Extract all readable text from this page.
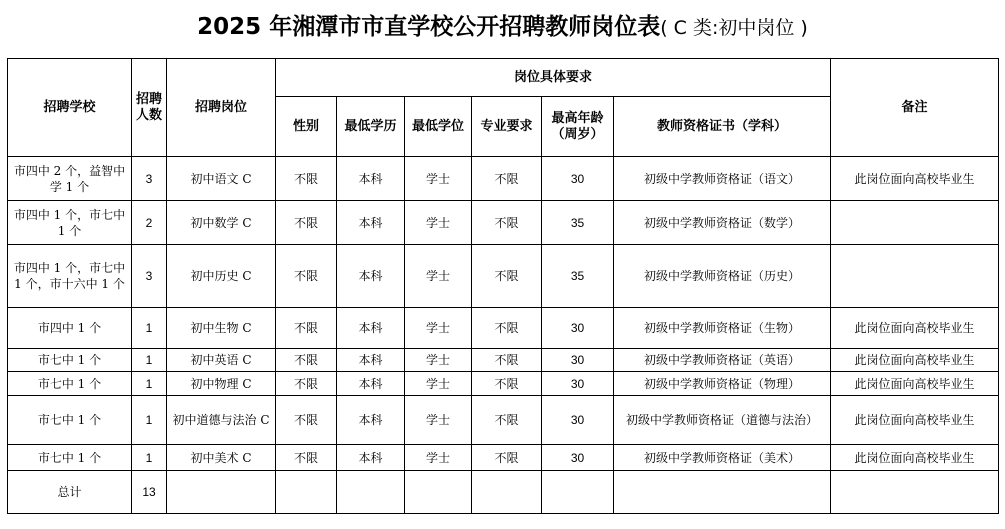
2025 年湘潭市市直学校公开招聘教师岗位表( C 类:初中岗位 )
招聘学校	招聘人数	招聘岗位	岗位具体要求						备注
			性别	最低学历	最低学位	专业要求	最高年龄（周岁）	教师资格证书（学科）	
市四中 2 个，益智中学 1 个	3	初中语文 C	不限	本科	学士	不限	30	初级中学教师资格证（语文）	此岗位面向高校毕业生
市四中 1 个，市七中 1 个	2	初中数学 C	不限	本科	学士	不限	35	初级中学教师资格证（数学）	
市四中 1 个，市七中 1 个，市十六中 1 个	3	初中历史 C	不限	本科	学士	不限	35	初级中学教师资格证（历史）	
市四中 1 个	1	初中生物 C	不限	本科	学士	不限	30	初级中学教师资格证（生物）	此岗位面向高校毕业生
市七中 1 个	1	初中英语 C	不限	本科	学士	不限	30	初级中学教师资格证（英语）	此岗位面向高校毕业生
市七中 1 个	1	初中物理 C	不限	本科	学士	不限	30	初级中学教师资格证（物理）	此岗位面向高校毕业生
市七中 1 个	1	初中道德与法治 C	不限	本科	学士	不限	30	初级中学教师资格证（道德与法治）	此岗位面向高校毕业生
市七中 1 个	1	初中美术 C	不限	本科	学士	不限	30	初级中学教师资格证（美术）	此岗位面向高校毕业生
总计	13								
